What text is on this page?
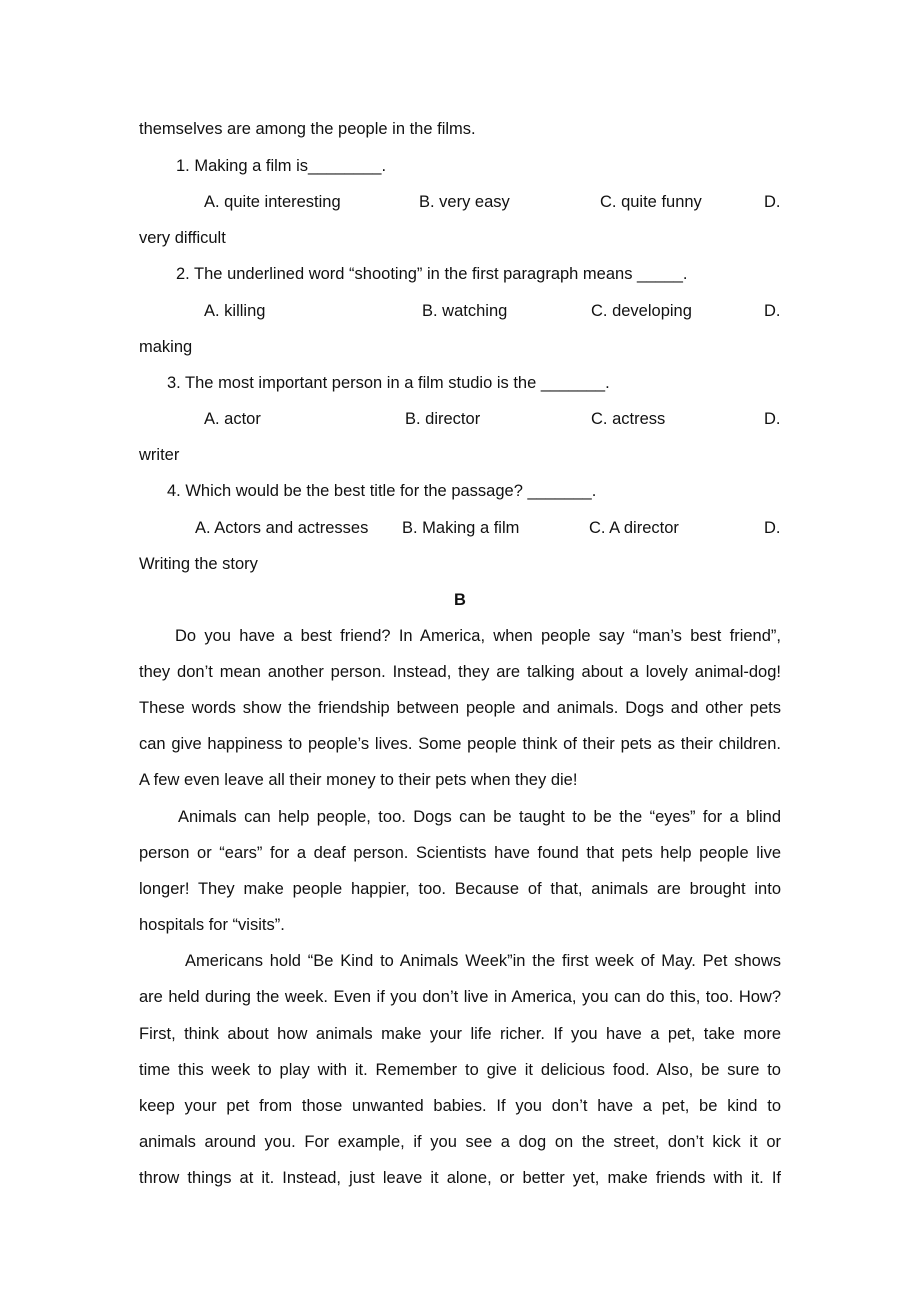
themselves are among the people in the films.
1. Making a film is________.
A. quite interesting	B. very easy	C. quite funny	D.
very difficult
2. The underlined word “shooting” in the first paragraph means _____.
A. killing	B. watching	C. developing	D.
making
3. The most important person in a film studio is the _______.
A. actor	B. director	C. actress	D.
writer
4. Which would be the best title for the passage? _______.
A. Actors and actresses B. Making a film	C. A director	D.
Writing the story
B
Do you have a best friend? In America, when people say “man’s best friend”,
they don’t mean another person. Instead, they are talking about a lovely animal-dog!
These words show the friendship between people and animals. Dogs and other pets
can give happiness to people’s lives. Some people think of their pets as their children.
A few even leave all their money to their pets when they die!
Animals can help people, too. Dogs can be taught to be the “eyes” for a blind
person or “ears” for a deaf person. Scientists have found that pets help people live
longer! They make people happier, too. Because of that, animals are brought into
hospitals for “visits”.
Americans hold “Be Kind to Animals Week”in the first week of May. Pet shows
are held during the week. Even if you don’t live in America, you can do this, too. How?
First, think about how animals make your life richer. If you have a pet, take more
time this week to play with it. Remember to give it delicious food. Also, be sure to
keep your pet from those unwanted babies. If you don’t have a pet, be kind to
animals around you. For example, if you see a dog on the street, don’t kick it or
throw things at it. Instead, just leave it alone, or better yet, make friends with it. If
